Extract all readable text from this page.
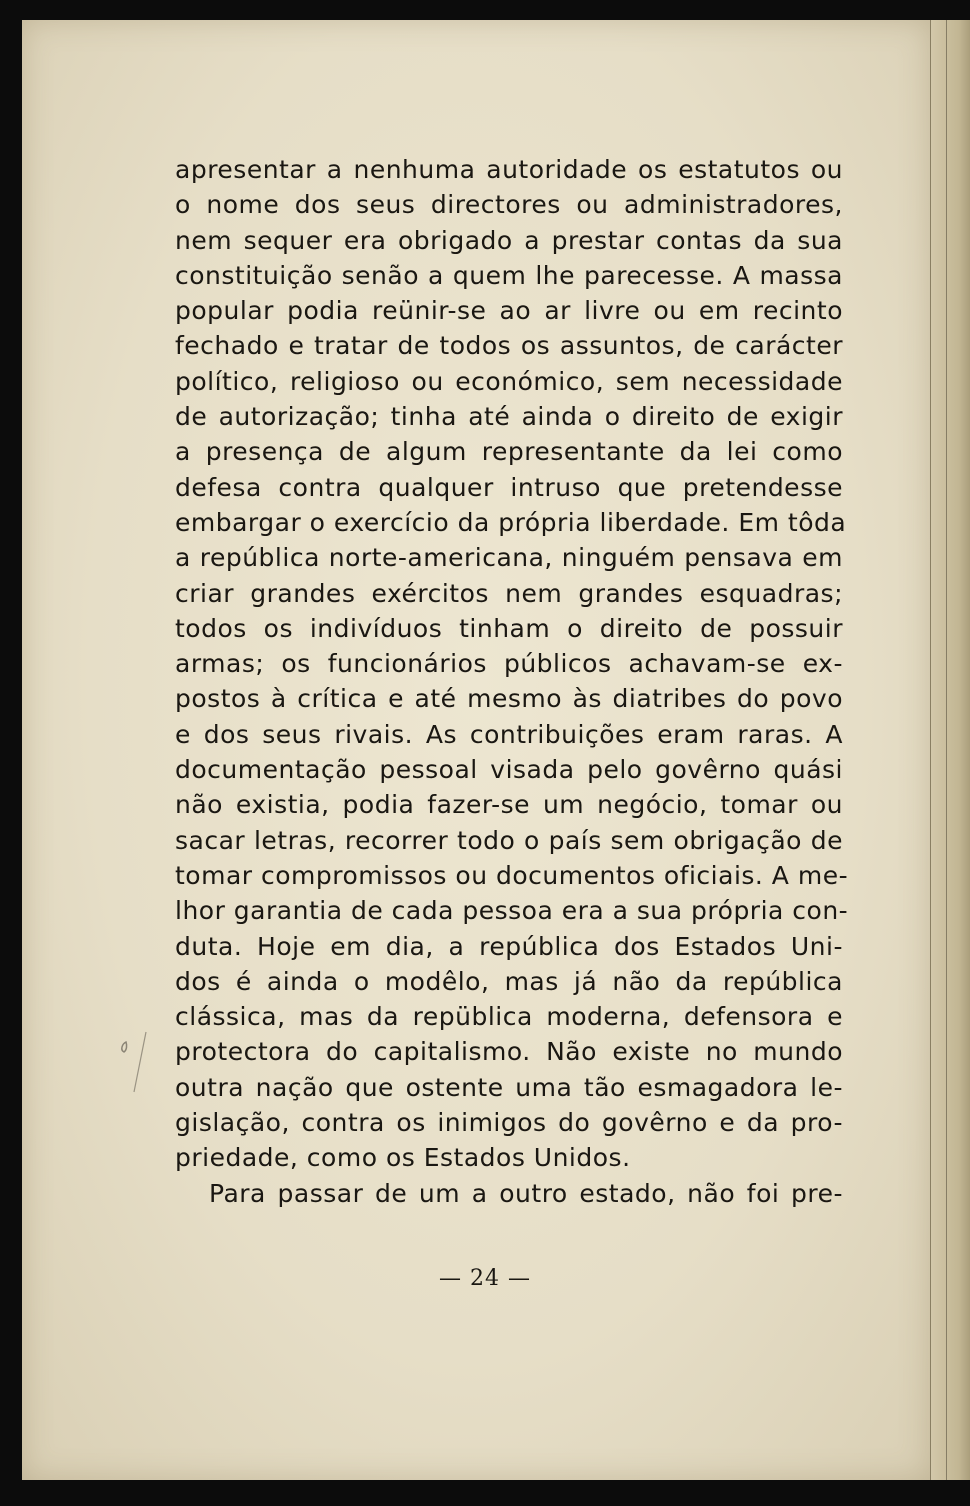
apresentar a nenhuma autoridade os estatutos ou
o nome dos seus directores ou administradores,
nem sequer era obrigado a prestar contas da sua
constituição senão a quem lhe parecesse. A massa
popular podia reünir-se ao ar livre ou em recinto
fechado e tratar de todos os assuntos, de carácter
político, religioso ou económico, sem necessidade
de autorização; tinha até ainda o direito de exigir
a presença de algum representante da lei como
defesa contra qualquer intruso que pretendesse
embargar o exercício da própria liberdade. Em tôda
a república norte-americana, ninguém pensava em
criar grandes exércitos nem grandes esquadras;
todos os indivíduos tinham o direito de possuir
armas; os funcionários públicos achavam-se ex-
postos à crítica e até mesmo às diatribes do povo
e dos seus rivais. As contribuições eram raras. A
documentação pessoal visada pelo govêrno quási
não existia, podia fazer-se um negócio, tomar ou
sacar letras, recorrer todo o país sem obrigação de
tomar compromissos ou documentos oficiais. A me-
lhor garantia de cada pessoa era a sua própria con-
duta. Hoje em dia, a república dos Estados Uni-
dos é ainda o modêlo, mas já não da república
clássica, mas da repüblica moderna, defensora e
protectora do capitalismo. Não existe no mundo
outra nação que ostente uma tão esmagadora le-
gislação, contra os inimigos do govêrno e da pro-
priedade, como os Estados Unidos.
Para passar de um a outro estado, não foi pre-
— 24 —
